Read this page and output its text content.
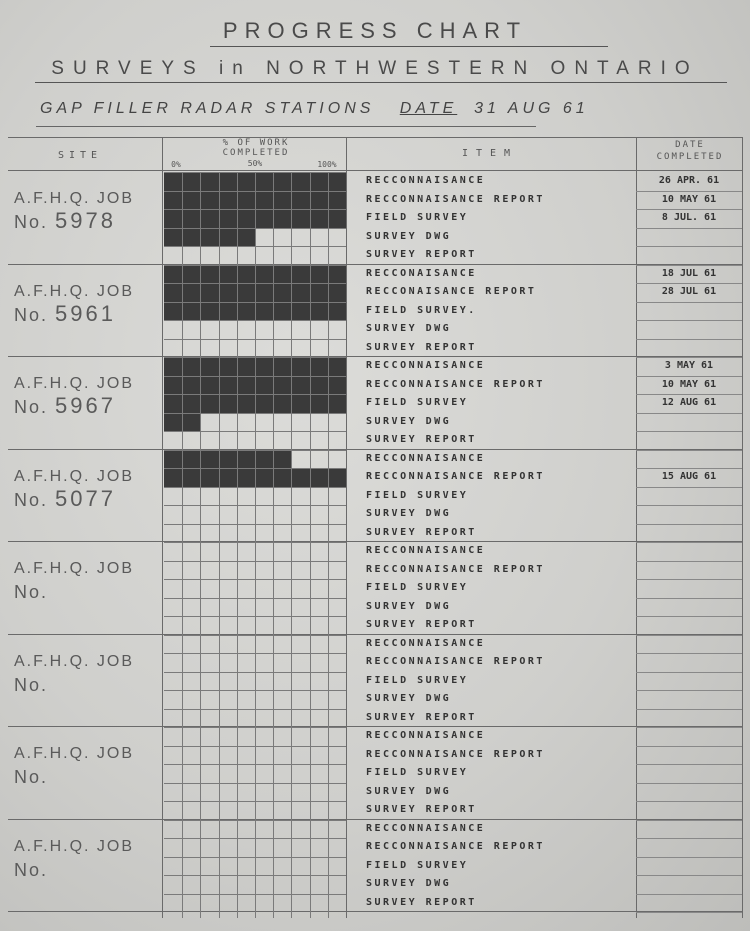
PROGRESS CHART
SURVEYS in NORTHWESTERN ONTARIO
GAP FILLER RADAR STATIONS DATE 31 AUG 61
SITE
% OF WORK
COMPLETED
0%	50%	100%
ITEM
DATE
COMPLETED
A.F.H.Q. JOB
No. 5978
RECCONNAISANCE	26 APR. 61
RECCONNAISANCE REPORT	10 MAY 61
FIELD SURVEY	8 JUL. 61
SURVEY DWG
SURVEY REPORT
A.F.H.Q. JOB
No. 5961
RECCONAISANCE	18 JUL 61
RECCONAISANCE REPORT	28 JUL 61
FIELD SURVEY.
SURVEY DWG
SURVEY REPORT
A.F.H.Q. JOB
No. 5967
RECCONNAISANCE	3 MAY 61
RECCONNAISANCE REPORT	10 MAY 61
FIELD SURVEY	12 AUG 61
SURVEY DWG
SURVEY REPORT
A.F.H.Q. JOB
No. 5077
RECCONNAISANCE
RECCONNAISANCE REPORT	15 AUG 61
FIELD SURVEY
SURVEY DWG
SURVEY REPORT
A.F.H.Q. JOB
No.
RECCONNAISANCE
RECCONNAISANCE REPORT
FIELD SURVEY
SURVEY DWG
SURVEY REPORT
A.F.H.Q. JOB
No.
RECCONNAISANCE
RECCONNAISANCE REPORT
FIELD SURVEY
SURVEY DWG
SURVEY REPORT
A.F.H.Q. JOB
No.
RECCONNAISANCE
RECCONNAISANCE REPORT
FIELD SURVEY
SURVEY DWG
SURVEY REPORT
A.F.H.Q. JOB
No.
RECCONNAISANCE
RECCONNAISANCE REPORT
FIELD SURVEY
SURVEY DWG
SURVEY REPORT
